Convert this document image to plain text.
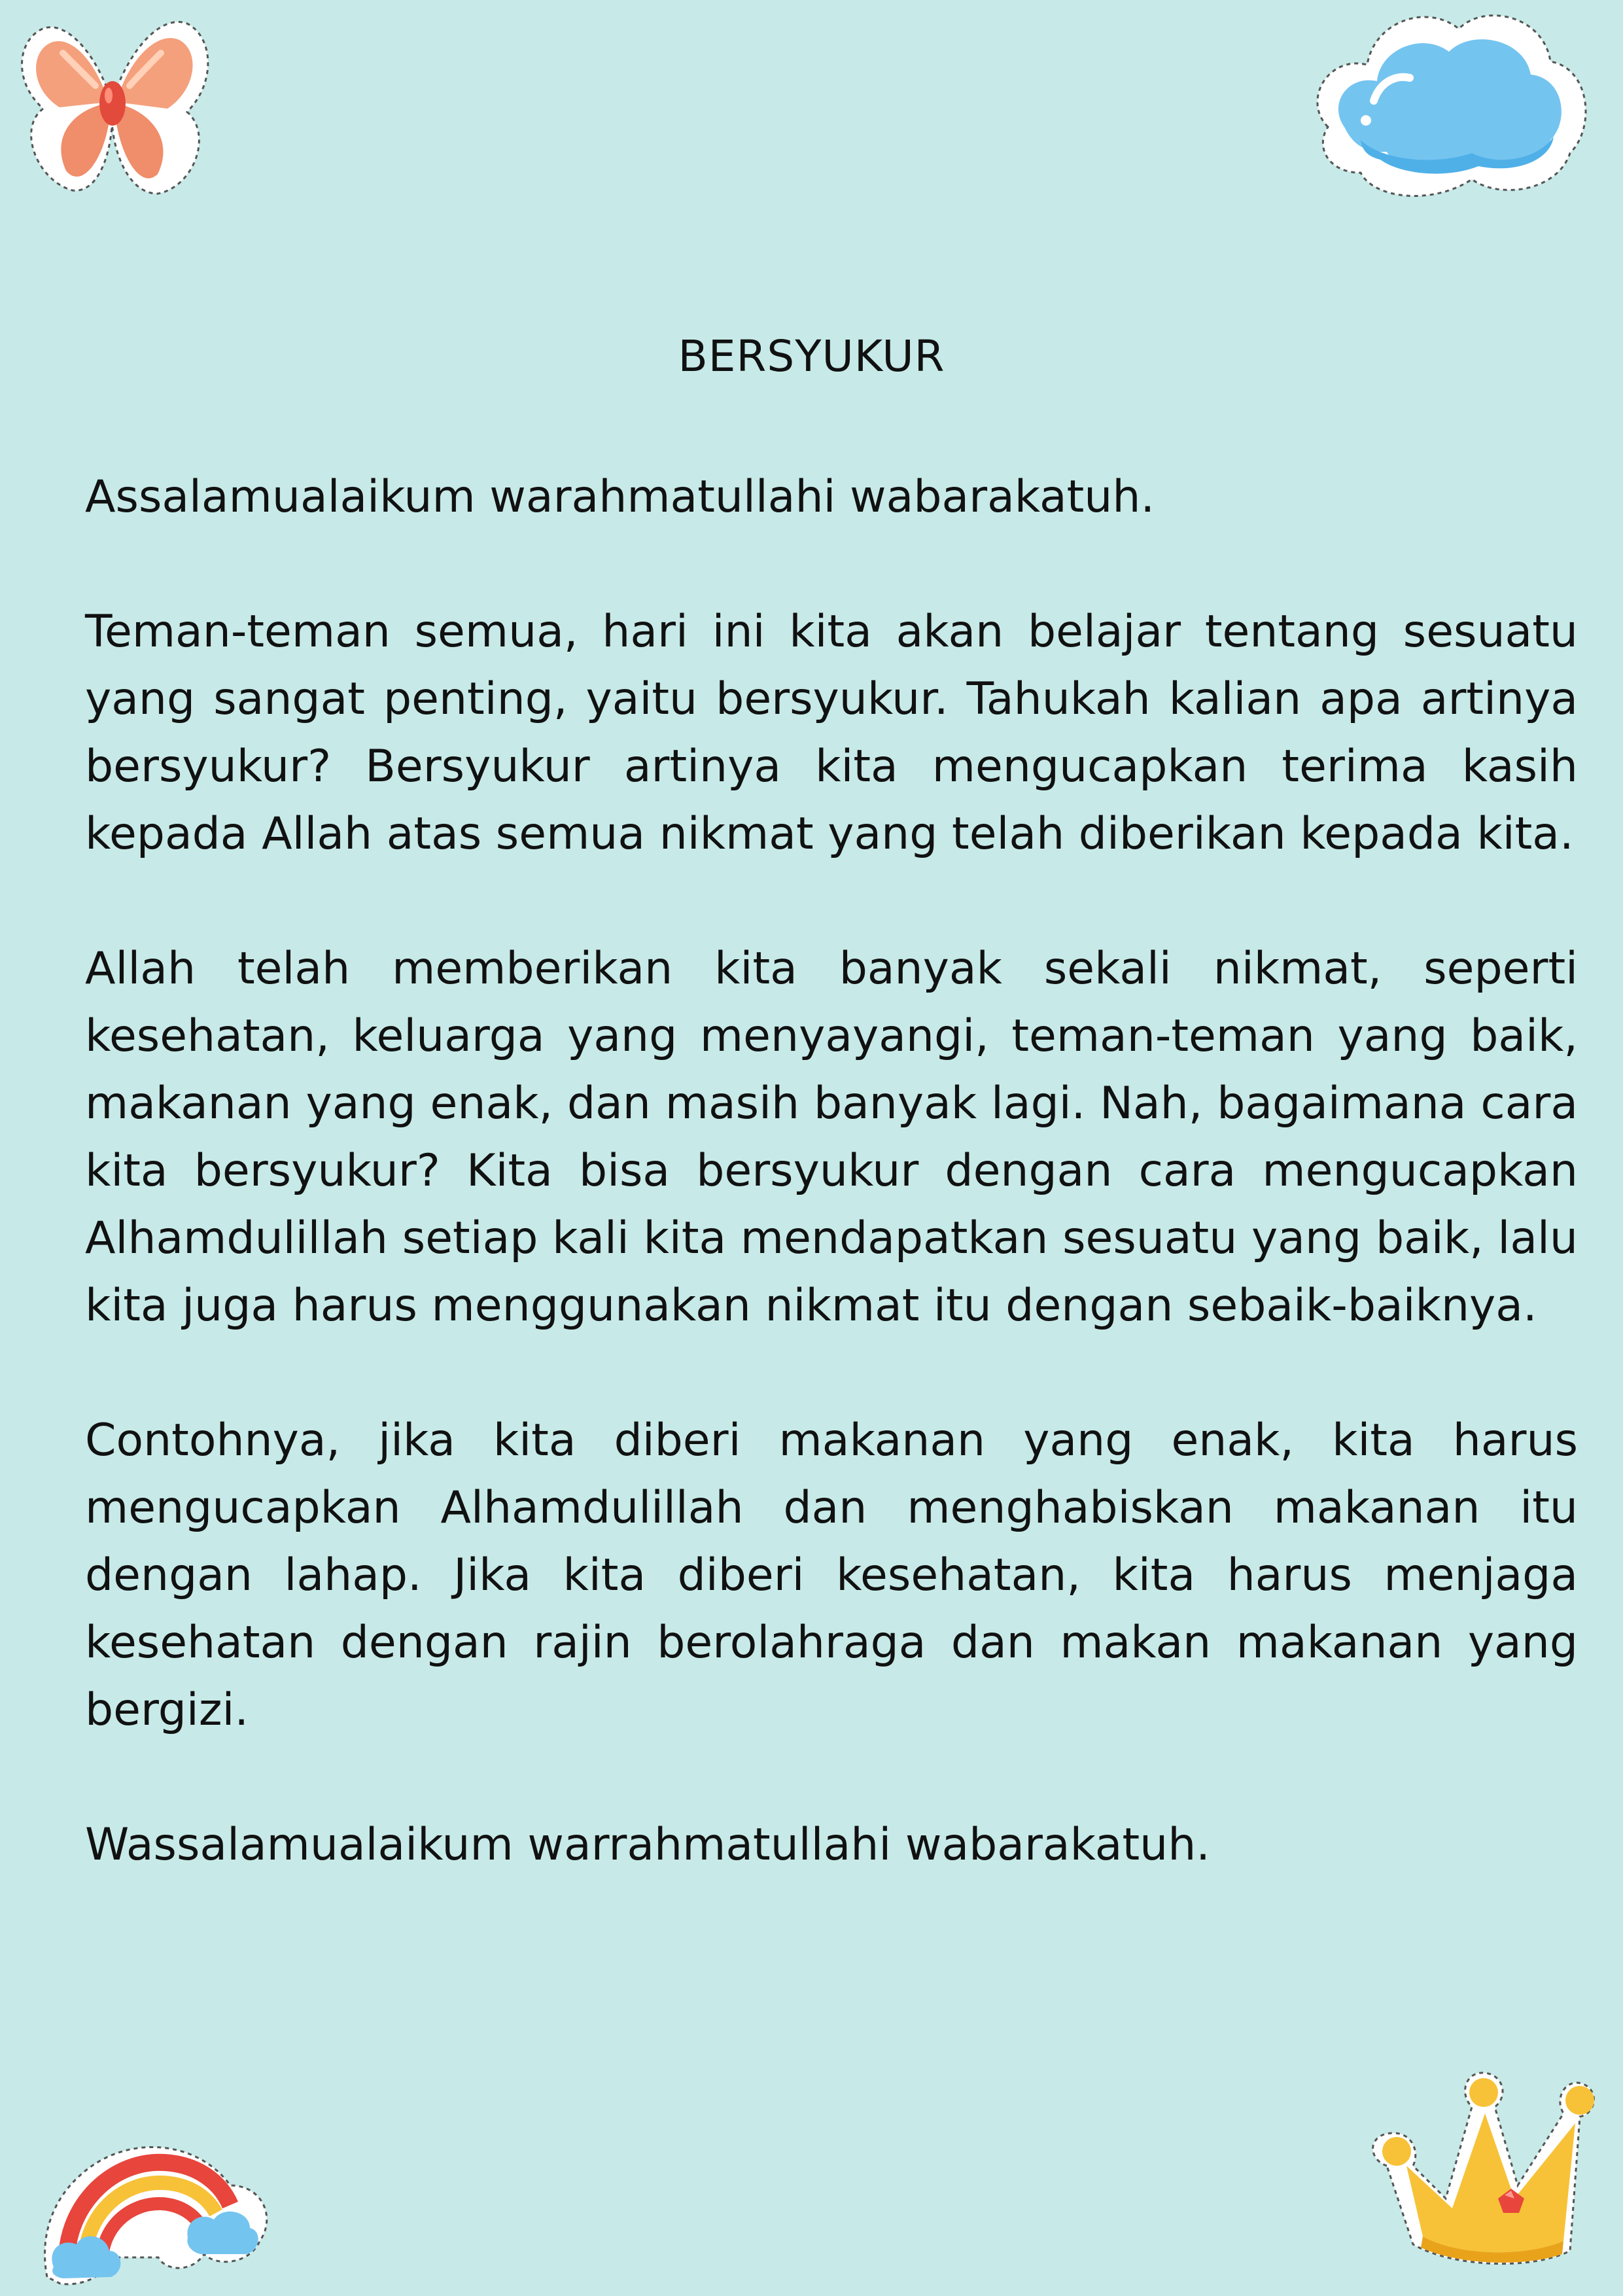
BERSYUKUR

Assalamualaikum warahmatullahi wabarakatuh.

Teman-teman semua, hari ini kita akan belajar tentang sesuatu yang sangat penting, yaitu bersyukur. Tahukah kalian apa artinya bersyukur? Bersyukur artinya kita mengucapkan terima kasih kepada Allah atas semua nikmat yang telah diberikan kepada kita.

Allah telah memberikan kita banyak sekali nikmat, seperti kesehatan, keluarga yang menyayangi, teman-teman yang baik, makanan yang enak, dan masih banyak lagi. Nah, bagaimana cara kita bersyukur? Kita bisa bersyukur dengan cara mengucapkan Alhamdulillah setiap kali kita mendapatkan sesuatu yang baik, lalu kita juga harus menggunakan nikmat itu dengan sebaik-baiknya.

Contohnya, jika kita diberi makanan yang enak, kita harus mengucapkan Alhamdulillah dan menghabiskan makanan itu dengan lahap. Jika kita diberi kesehatan, kita harus menjaga kesehatan dengan rajin berolahraga dan makan makanan yang bergizi.

Wassalamualaikum warrahmatullahi wabarakatuh.
